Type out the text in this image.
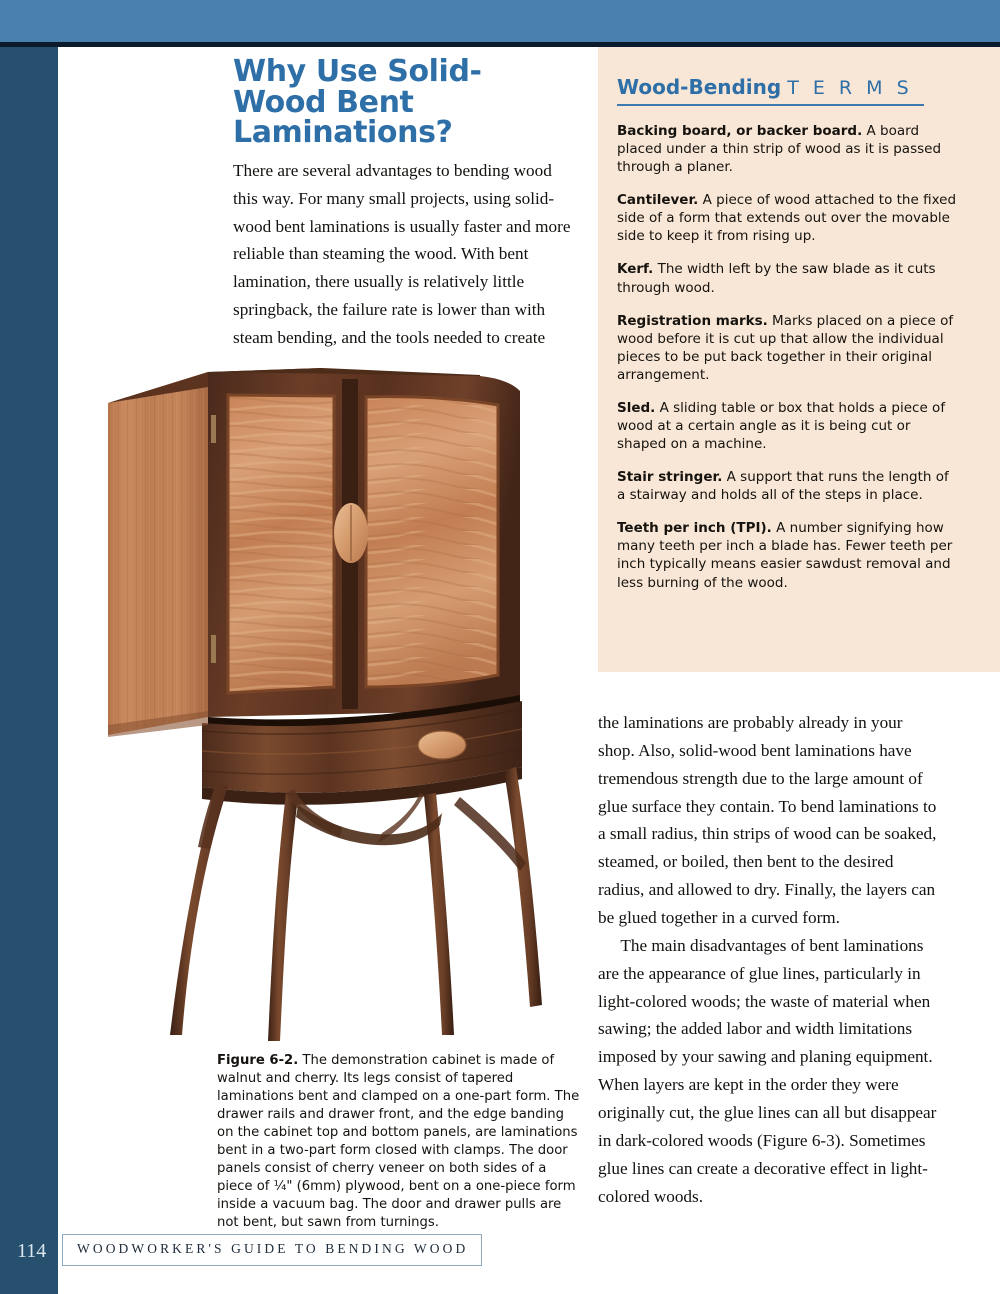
Why Use Solid-Wood Bent Laminations?

There are several advantages to bending wood this way. For many small projects, using solid-wood bent laminations is usually faster and more reliable than steaming the wood. With bent lamination, there usually is relatively little springback, the failure rate is lower than with steam bending, and the tools needed to create

Figure 6-2. The demonstration cabinet is made of walnut and cherry. Its legs consist of tapered laminations bent and clamped on a one-part form. The drawer rails and drawer front, and the edge banding on the cabinet top and bottom panels, are laminations bent in a two-part form closed with clamps. The door panels consist of cherry veneer on both sides of a piece of ¼" (6mm) plywood, bent on a one-piece form inside a vacuum bag. The door and drawer pulls are not bent, but sawn from turnings.
Wood-Bending T E R M S
Backing board, or backer board. A board placed under a thin strip of wood as it is passed through a planer.
Cantilever. A piece of wood attached to the fixed side of a form that extends out over the movable side to keep it from rising up.
Kerf. The width left by the saw blade as it cuts through wood.
Registration marks. Marks placed on a piece of wood before it is cut up that allow the individual pieces to be put back together in their original arrangement.
Sled. A sliding table or box that holds a piece of wood at a certain angle as it is being cut or shaped on a machine.
Stair stringer. A support that runs the length of a stairway and holds all of the steps in place.
Teeth per inch (TPI). A number signifying how many teeth per inch a blade has. Fewer teeth per inch typically means easier sawdust removal and less burning of the wood.

the laminations are probably already in your shop. Also, solid-wood bent laminations have tremendous strength due to the large amount of glue surface they contain. To bend laminations to a small radius, thin strips of wood can be soaked, steamed, or boiled, then bent to the desired radius, and allowed to dry. Finally, the layers can be glued together in a curved form.

The main disadvantages of bent laminations are the appearance of glue lines, particularly in light-colored woods; the waste of material when sawing; the added labor and width limitations imposed by your sawing and planing equipment. When layers are kept in the order they were originally cut, the glue lines can all but disappear in dark-colored woods (Figure 6-3). Sometimes glue lines can create a decorative effect in light-colored woods.

114	WOODWORKER'S GUIDE TO BENDING WOOD
